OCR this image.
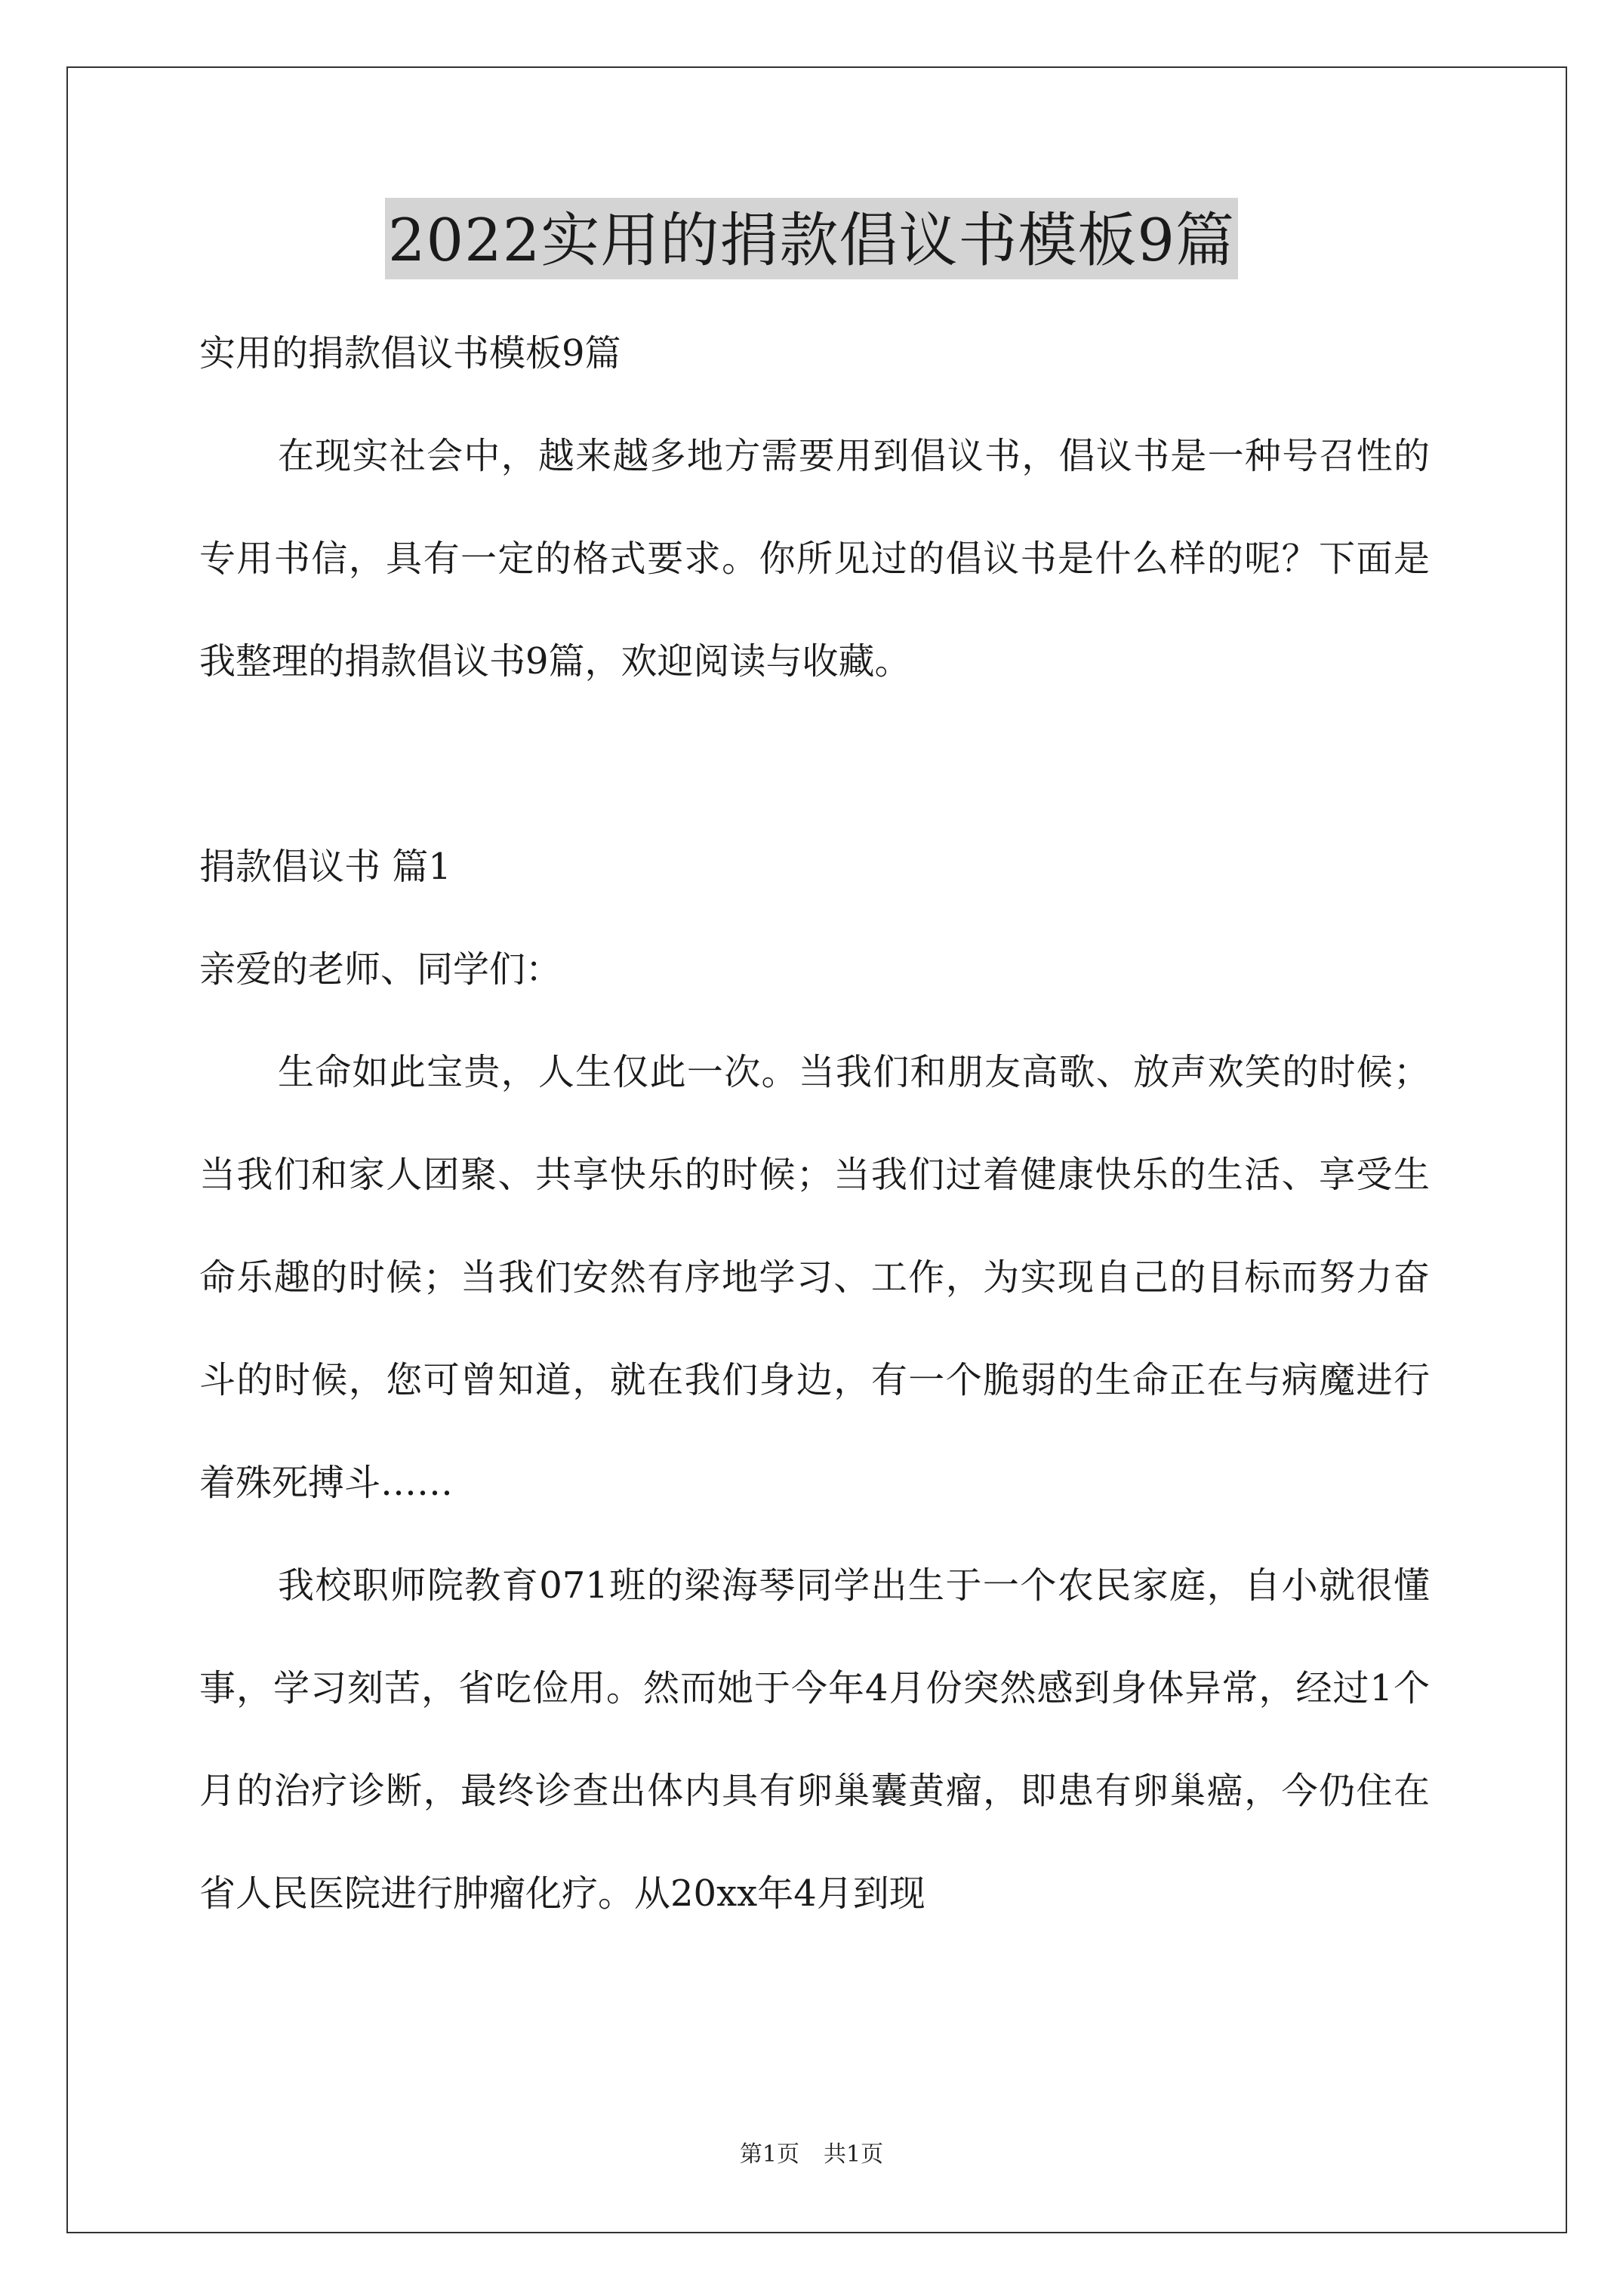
2022实用的捐款倡议书模板9篇
实用的捐款倡议书模板9篇

在现实社会中，越来越多地方需要用到倡议书，倡议书是一种号召性的专用书信，具有一定的格式要求。你所见过的倡议书是什么样的呢？下面是我整理的捐款倡议书9篇，欢迎阅读与收藏。

捐款倡议书 篇1
亲爱的老师、同学们：

生命如此宝贵，人生仅此一次。当我们和朋友高歌、放声欢笑的时候；当我们和家人团聚、共享快乐的时候；当我们过着健康快乐的生活、享受生命乐趣的时候；当我们安然有序地学习、工作，为实现自己的目标而努力奋斗的时候，您可曾知道，就在我们身边，有一个脆弱的生命正在与病魔进行着殊死搏斗……

我校职师院教育071班的梁海琴同学出生于一个农民家庭，自小就很懂事，学习刻苦，省吃俭用。然而她于今年4月份突然感到身体异常，经过1个月的治疗诊断，最终诊查出体内具有卵巢囊黄瘤，即患有卵巢癌，今仍住在省人民医院进行肿瘤化疗。从20xx年4月到现

第1页 共1页
